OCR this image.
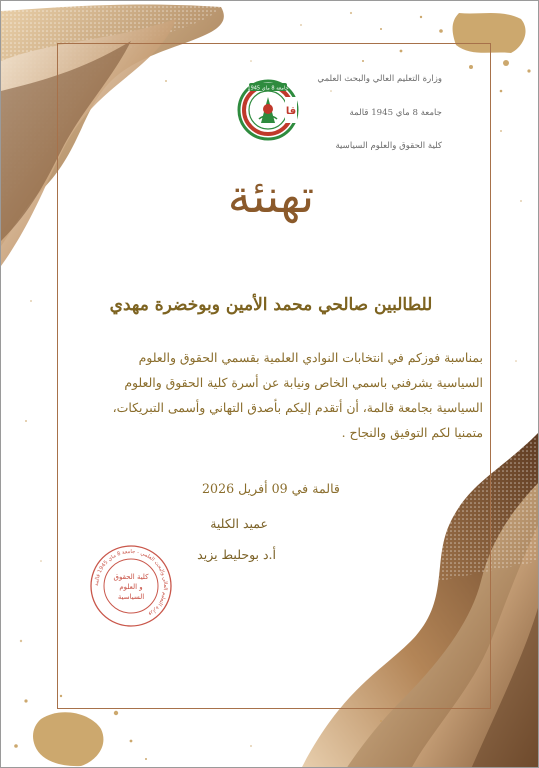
وزارة التعليم العالي والبحث العلمي
جامعة 8 ماي 1945 قالمة
كلية الحقوق والعلوم السياسية
جامعة 8 ماي 1945
قا
تهنئة
للطالبين صالحي محمد الأمين وبوخضرة مهدي
بمناسبة فوزكم في انتخابات النوادي العلمية بقسمي الحقوق والعلوم
السياسية يشرفني باسمي الخاص ونيابة عن أسرة كلية الحقوق والعلوم
السياسية بجامعة قالمة، أن أتقدم إليكم بأصدق التهاني وأسمى التبريكات،
متمنيا لكم التوفيق والنجاح .
قالمة في 09 أفريل 2026
عميد الكلية
أ.د بوحليط يزيد
وزارة التعليم العالي والبحث العلمي - جامعة 8 ماي 1945 قالمة
كلية الحقوق
و العلوم
السياسية
